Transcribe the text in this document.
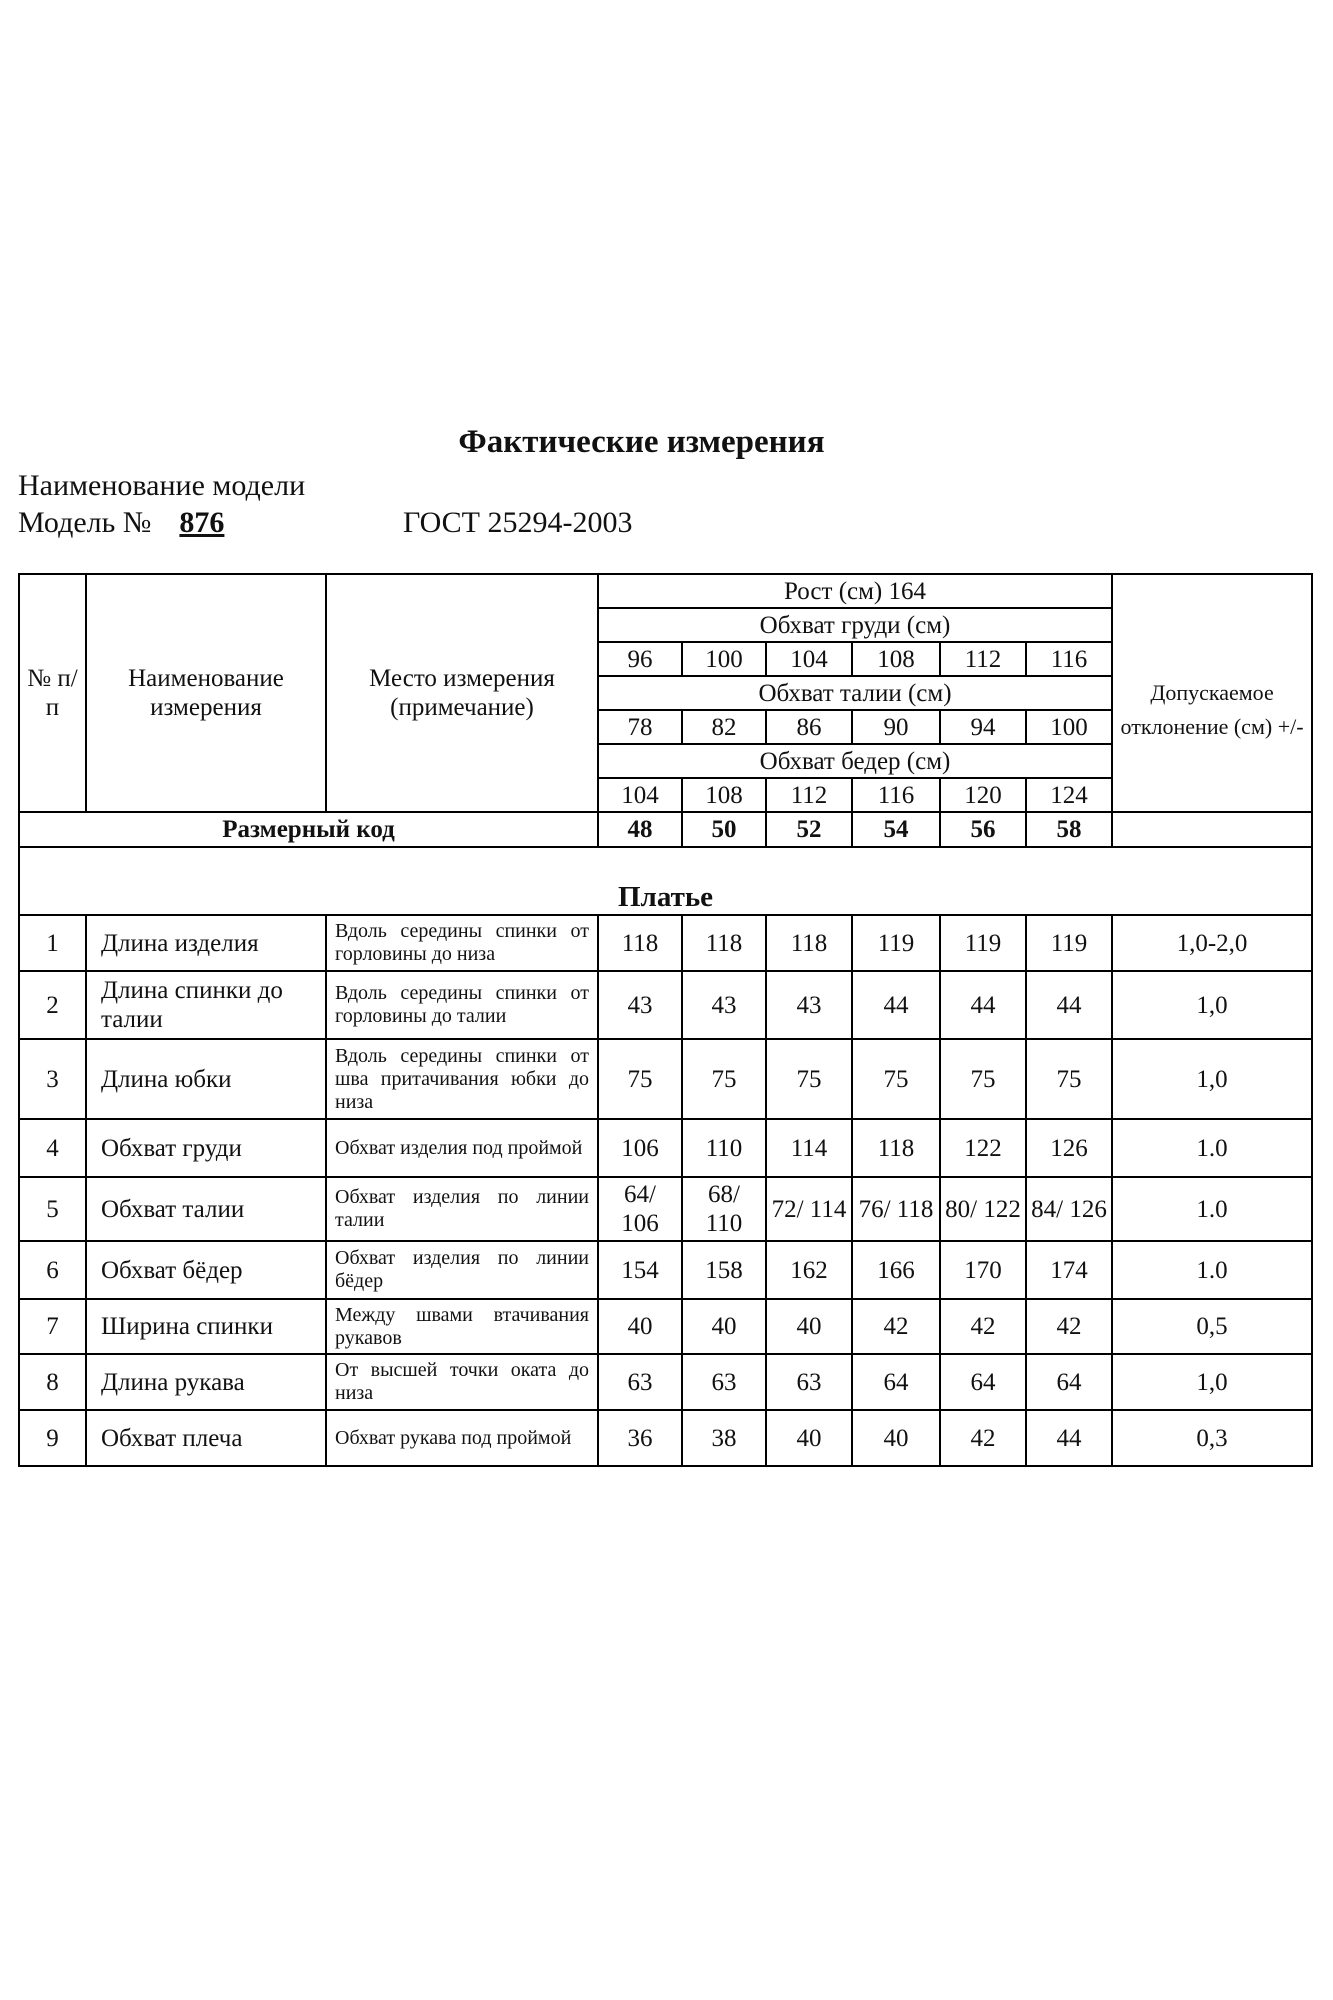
Фактические измерения
Наименование модели
Модель № 876	ГОСТ 25294-2003
№ п/п	Наименование измерения	Место измерения (примечание)	Рост (см) 164						
			Обхват груди (см)						Допускаемое отклонение (см) +/-
			96	100	104	108	112	116	
			Обхват талии (см)						
			78	82	86	90	94	100	
			Обхват бедер (см)						
			104	108	112	116	120	124	
Размерный код			48	50	52	54	56	58	
Платье									
1	Длина изделия	Вдоль середины спинки от горловины до низа	118	118	118	119	119	119	1,0-2,0
2	Длина спинки до талии	Вдоль середины спинки от горловины до талии	43	43	43	44	44	44	1,0
3	Длина юбки	Вдоль середины спинки от шва притачивания юбки до низа	75	75	75	75	75	75	1,0
4	Обхват груди	Обхват изделия под проймой	106	110	114	118	122	126	1.0
5	Обхват талии	Обхват изделия по линии талии	64/ 106	68/ 110	72/ 114	76/ 118	80/ 122	84/ 126	1.0
6	Обхват бёдер	Обхват изделия по линии бёдер	154	158	162	166	170	174	1.0
7	Ширина спинки	Между швами втачивания рукавов	40	40	40	42	42	42	0,5
8	Длина рукава	От высшей точки оката до низа	63	63	63	64	64	64	1,0
9	Обхват плеча	Обхват рукава под проймой	36	38	40	40	42	44	0,3
